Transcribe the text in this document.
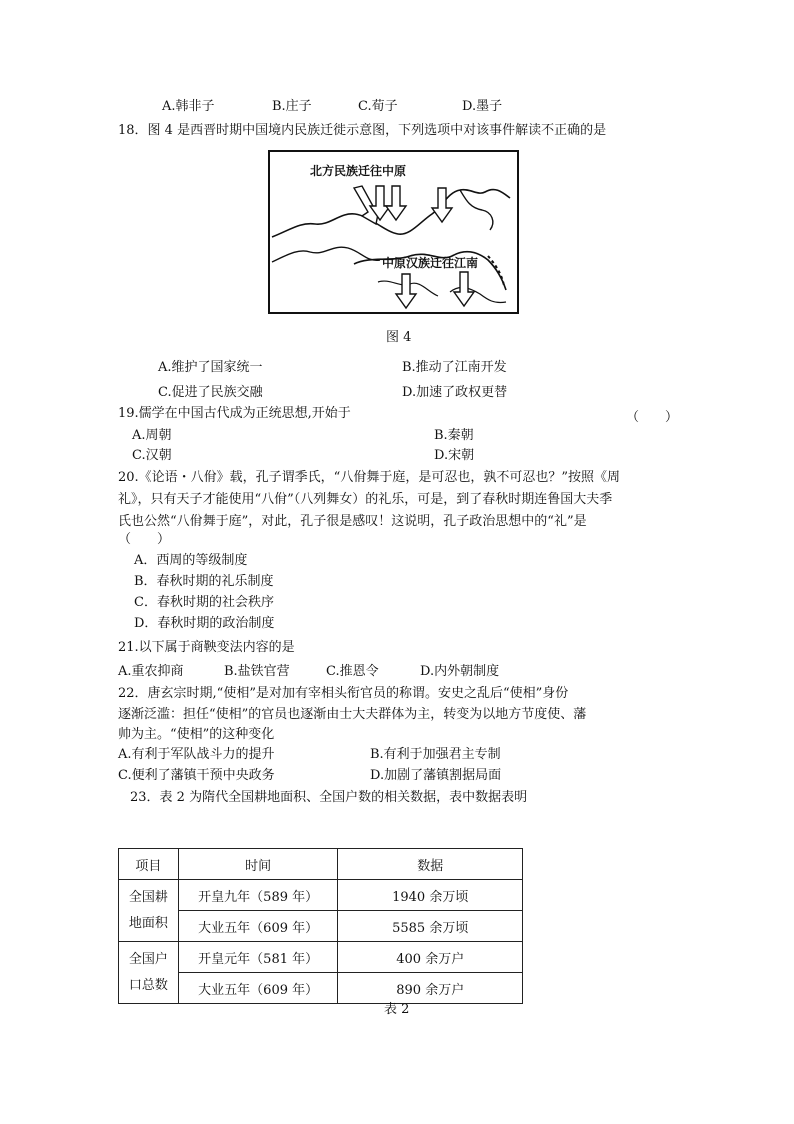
A.韩非子	B.庄子	C.荀子	D.墨子
18．图 4 是西晋时期中国境内民族迁徙示意图，下列选项中对该事件解读不正确的是
北方民族迁往中原
中原汉族迁往江南
图 4
A.维护了国家统一	B.推动了江南开发
C.促进了民族交融	D.加速了政权更替
19.儒学在中国古代成为正统思想,开始于	（　　）
A.周朝	B.秦朝
C.汉朝	D.宋朝
20.《论语・八佾》载，孔子谓季氏，“八佾舞于庭，是可忍也，孰不可忍也？”按照《周
礼》，只有天子才能使用“八佾”（八列舞女）的礼乐，可是，到了春秋时期连鲁国大夫季
氏也公然“八佾舞于庭”，对此，孔子很是感叹！这说明，孔子政治思想中的“礼”是
（　　）
A．西周的等级制度
B．春秋时期的礼乐制度
C．春秋时期的社会秩序
D．春秋时期的政治制度
21.以下属于商鞅变法内容的是
A.重农抑商	B.盐铁官营	C.推恩令	D.内外朝制度
22．唐玄宗时期,“使相”是对加有宰相头衔官员的称谓。安史之乱后“使相”身份
逐渐泛滥：担任“使相”的官员也逐渐由士大夫群体为主，转变为以地方节度使、藩
帅为主。“使相”的这种变化
A.有利于军队战斗力的提升	B.有利于加强君主专制
C.便利了藩镇干预中央政务	D.加剧了藩镇割据局面
23．表 2 为隋代全国耕地面积、全国户数的相关数据，表中数据表明
项目	时间	数据
全国耕
地面积	开皇九年（589 年）	1940 余万顷
	大业五年（609 年）	5585 余万顷
全国户
口总数	开皇元年（581 年）	400 余万户
	大业五年（609 年）	890 余万户
表 2
